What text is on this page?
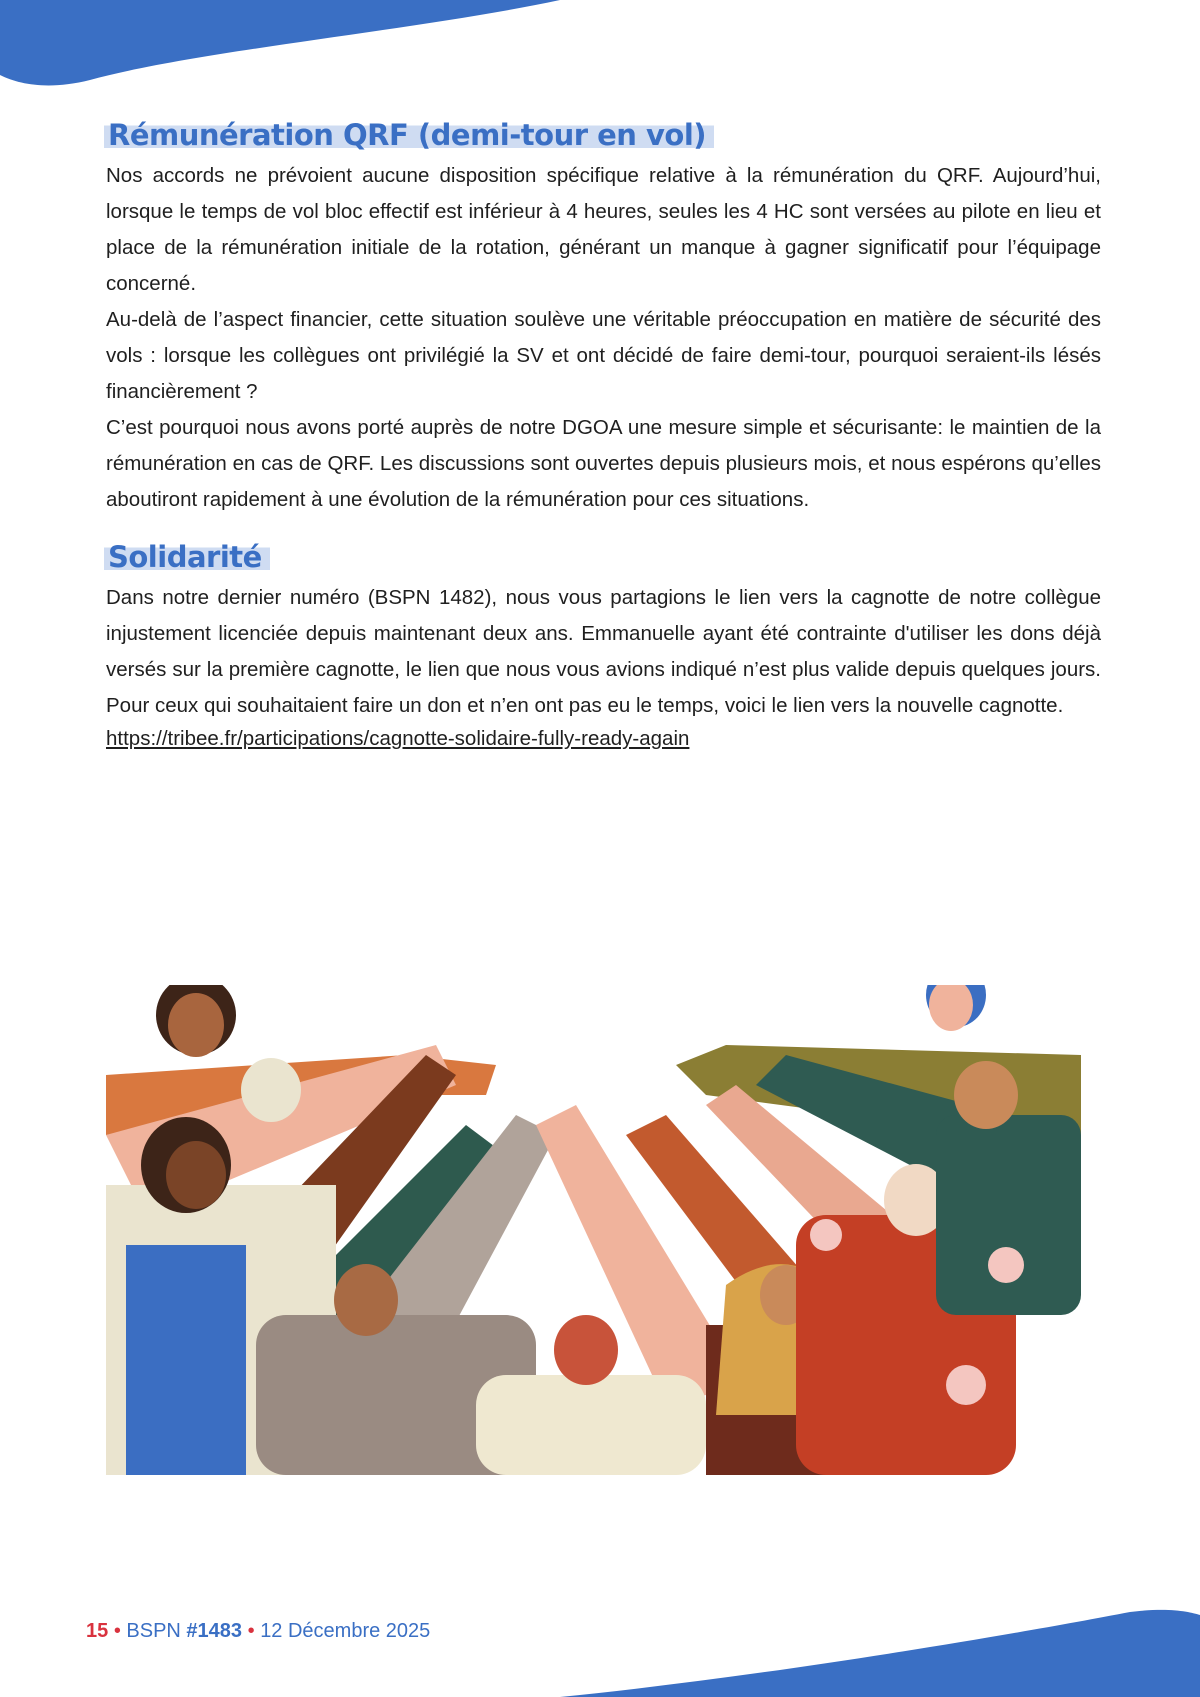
Rémunération QRF (demi-tour en vol)

Nos accords ne prévoient aucune disposition spécifique relative à la rémunération du QRF. Aujourd’hui, lorsque le temps de vol bloc effectif est inférieur à 4 heures, seules les 4 HC sont versées au pilote en lieu et place de la rémunération initiale de la rotation, générant un manque à gagner significatif pour l’équipage concerné.

Au-delà de l’aspect financier, cette situation soulève une véritable préoccupation en matière de sécurité des vols : lorsque les collègues ont privilégié la SV et ont décidé de faire demi-tour, pourquoi seraient-ils lésés financièrement ?

C’est pourquoi nous avons porté auprès de notre DGOA une mesure simple et sécurisante: le maintien de la rémunération en cas de QRF. Les discussions sont ouvertes depuis plusieurs mois, et nous espérons qu’elles aboutiront rapidement à une évolution de la rémunération pour ces situations.

Solidarité

Dans notre dernier numéro (BSPN 1482), nous vous partagions le lien vers la cagnotte de notre collègue injustement licenciée depuis maintenant deux ans. Emmanuelle ayant été contrainte d'utiliser les dons déjà versés sur la première cagnotte, le lien que nous vous avions indiqué n’est plus valide depuis quelques jours. Pour ceux qui souhaitaient faire un don et n’en ont pas eu le temps, voici le lien vers la nouvelle cagnotte.

https://tribee.fr/participations/cagnotte-solidaire-fully-ready-again
15 • BSPN #1483 • 12 Décembre 2025
